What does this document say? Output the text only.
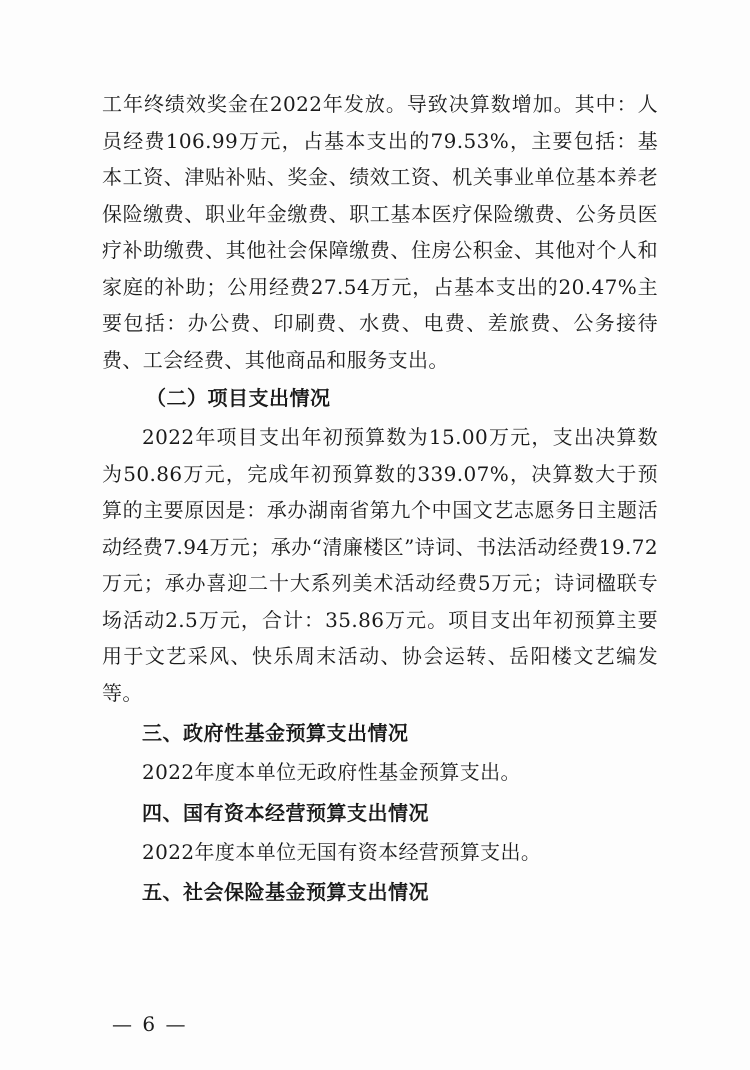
工年终绩效奖金在2022年发放。导致决算数增加。其中：人员经费106.99万元，占基本支出的79.53%，主要包括：基本工资、津贴补贴、奖金、绩效工资、机关事业单位基本养老保险缴费、职业年金缴费、职工基本医疗保险缴费、公务员医疗补助缴费、其他社会保障缴费、住房公积金、其他对个人和家庭的补助；公用经费27.54万元，占基本支出的20.47%主要包括：办公费、印刷费、水费、电费、差旅费、公务接待费、工会经费、其他商品和服务支出。

（二）项目支出情况

2022年项目支出年初预算数为15.00万元，支出决算数为50.86万元，完成年初预算数的339.07%，决算数大于预算的主要原因是：承办湖南省第九个中国文艺志愿务日主题活动经费7.94万元；承办“清廉楼区”诗词、书法活动经费19.72万元；承办喜迎二十大系列美术活动经费5万元；诗词楹联专场活动2.5万元，合计：35.86万元。项目支出年初预算主要用于文艺采风、快乐周末活动、协会运转、岳阳楼文艺编发等。

三、政府性基金预算支出情况

2022年度本单位无政府性基金预算支出。

四、国有资本经营预算支出情况

2022年度本单位无国有资本经营预算支出。

五、社会保险基金预算支出情况

— 6 —
